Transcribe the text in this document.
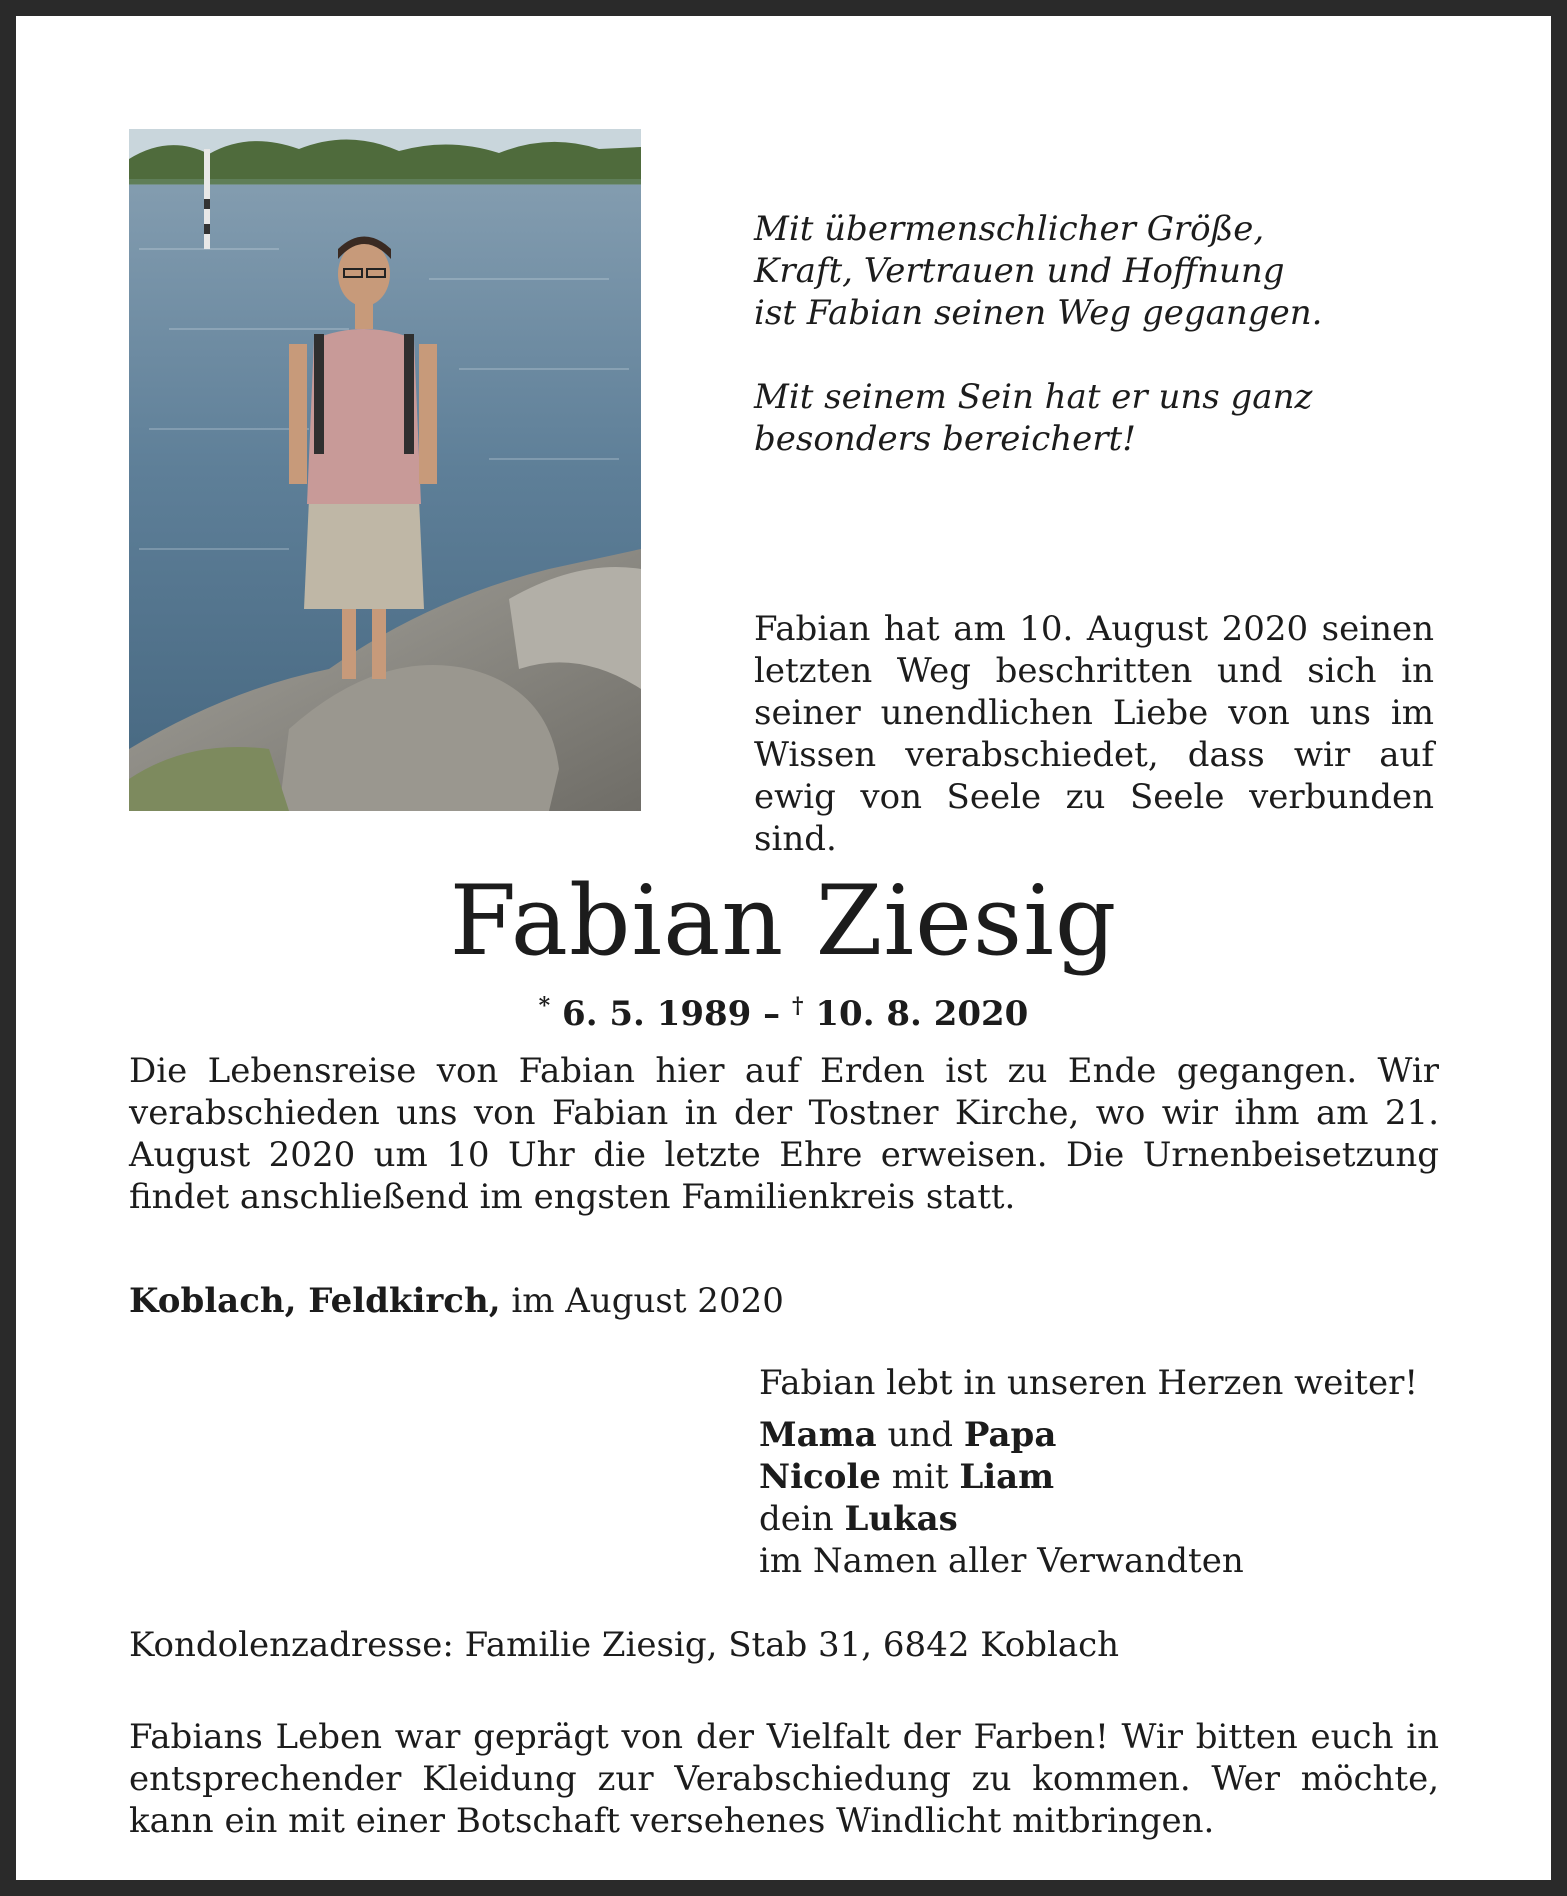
Mit übermenschlicher Größe,
Kraft, Vertrauen und Hoffnung
ist Fabian seinen Weg gegangen.

Mit seinem Sein hat er uns ganz
besonders bereichert!

Fabian hat am 10. August 2020 seinen letzten Weg beschritten und sich in seiner unendlichen Liebe von uns im Wissen verabschiedet, dass wir auf ewig von Seele zu Seele verbunden sind.
Fabian Ziesig
* 6. 5. 1989 – † 10. 8. 2020
Die Lebensreise von Fabian hier auf Erden ist zu Ende gegangen. Wir verabschieden uns von Fabian in der Tostner Kirche, wo wir ihm am 21. August 2020 um 10 Uhr die letzte Ehre erweisen. Die Urnenbeisetzung findet anschließend im engsten Familienkreis statt.
Koblach, Feldkirch, im August 2020
Fabian lebt in unseren Herzen weiter!
Mama und Papa
Nicole mit Liam
dein Lukas
im Namen aller Verwandten
Kondolenzadresse: Familie Ziesig, Stab 31, 6842 Koblach
Fabians Leben war geprägt von der Vielfalt der Farben! Wir bitten euch in entsprechender Kleidung zur Verabschiedung zu kommen. Wer möchte, kann ein mit einer Botschaft versehenes Windlicht mitbringen.
